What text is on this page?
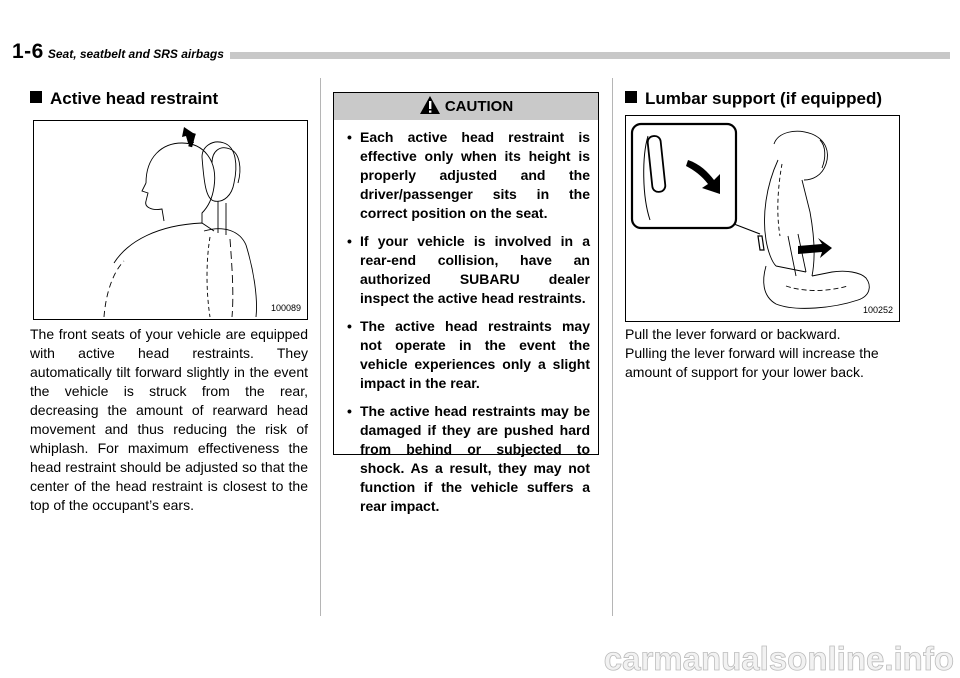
1-6 Seat, seatbelt and SRS airbags
Active head restraint
100089

The front seats of your vehicle are equipped with active head restraints. They automatically tilt forward slightly in the event the vehicle is struck from the rear, decreasing the amount of rearward head movement and thus reducing the risk of whiplash. For maximum effectiveness the head restraint should be adjusted so that the center of the head restraint is closest to the top of the occupant’s ears.

CAUTION
• Each active head restraint is effective only when its height is properly adjusted and the driver/passenger sits in the correct position on the seat.
• If your vehicle is involved in a rear-end collision, have an authorized SUBARU dealer inspect the active head restraints.
• The active head restraints may not operate in the event the vehicle experiences only a slight impact in the rear.
• The active head restraints may be damaged if they are pushed hard from behind or subjected to shock. As a result, they may not function if the vehicle suffers a rear impact.
Lumbar support (if equipped)
100252

Pull the lever forward or backward.

Pulling the lever forward will increase the amount of support for your lower back.

carmanualsonline.info
